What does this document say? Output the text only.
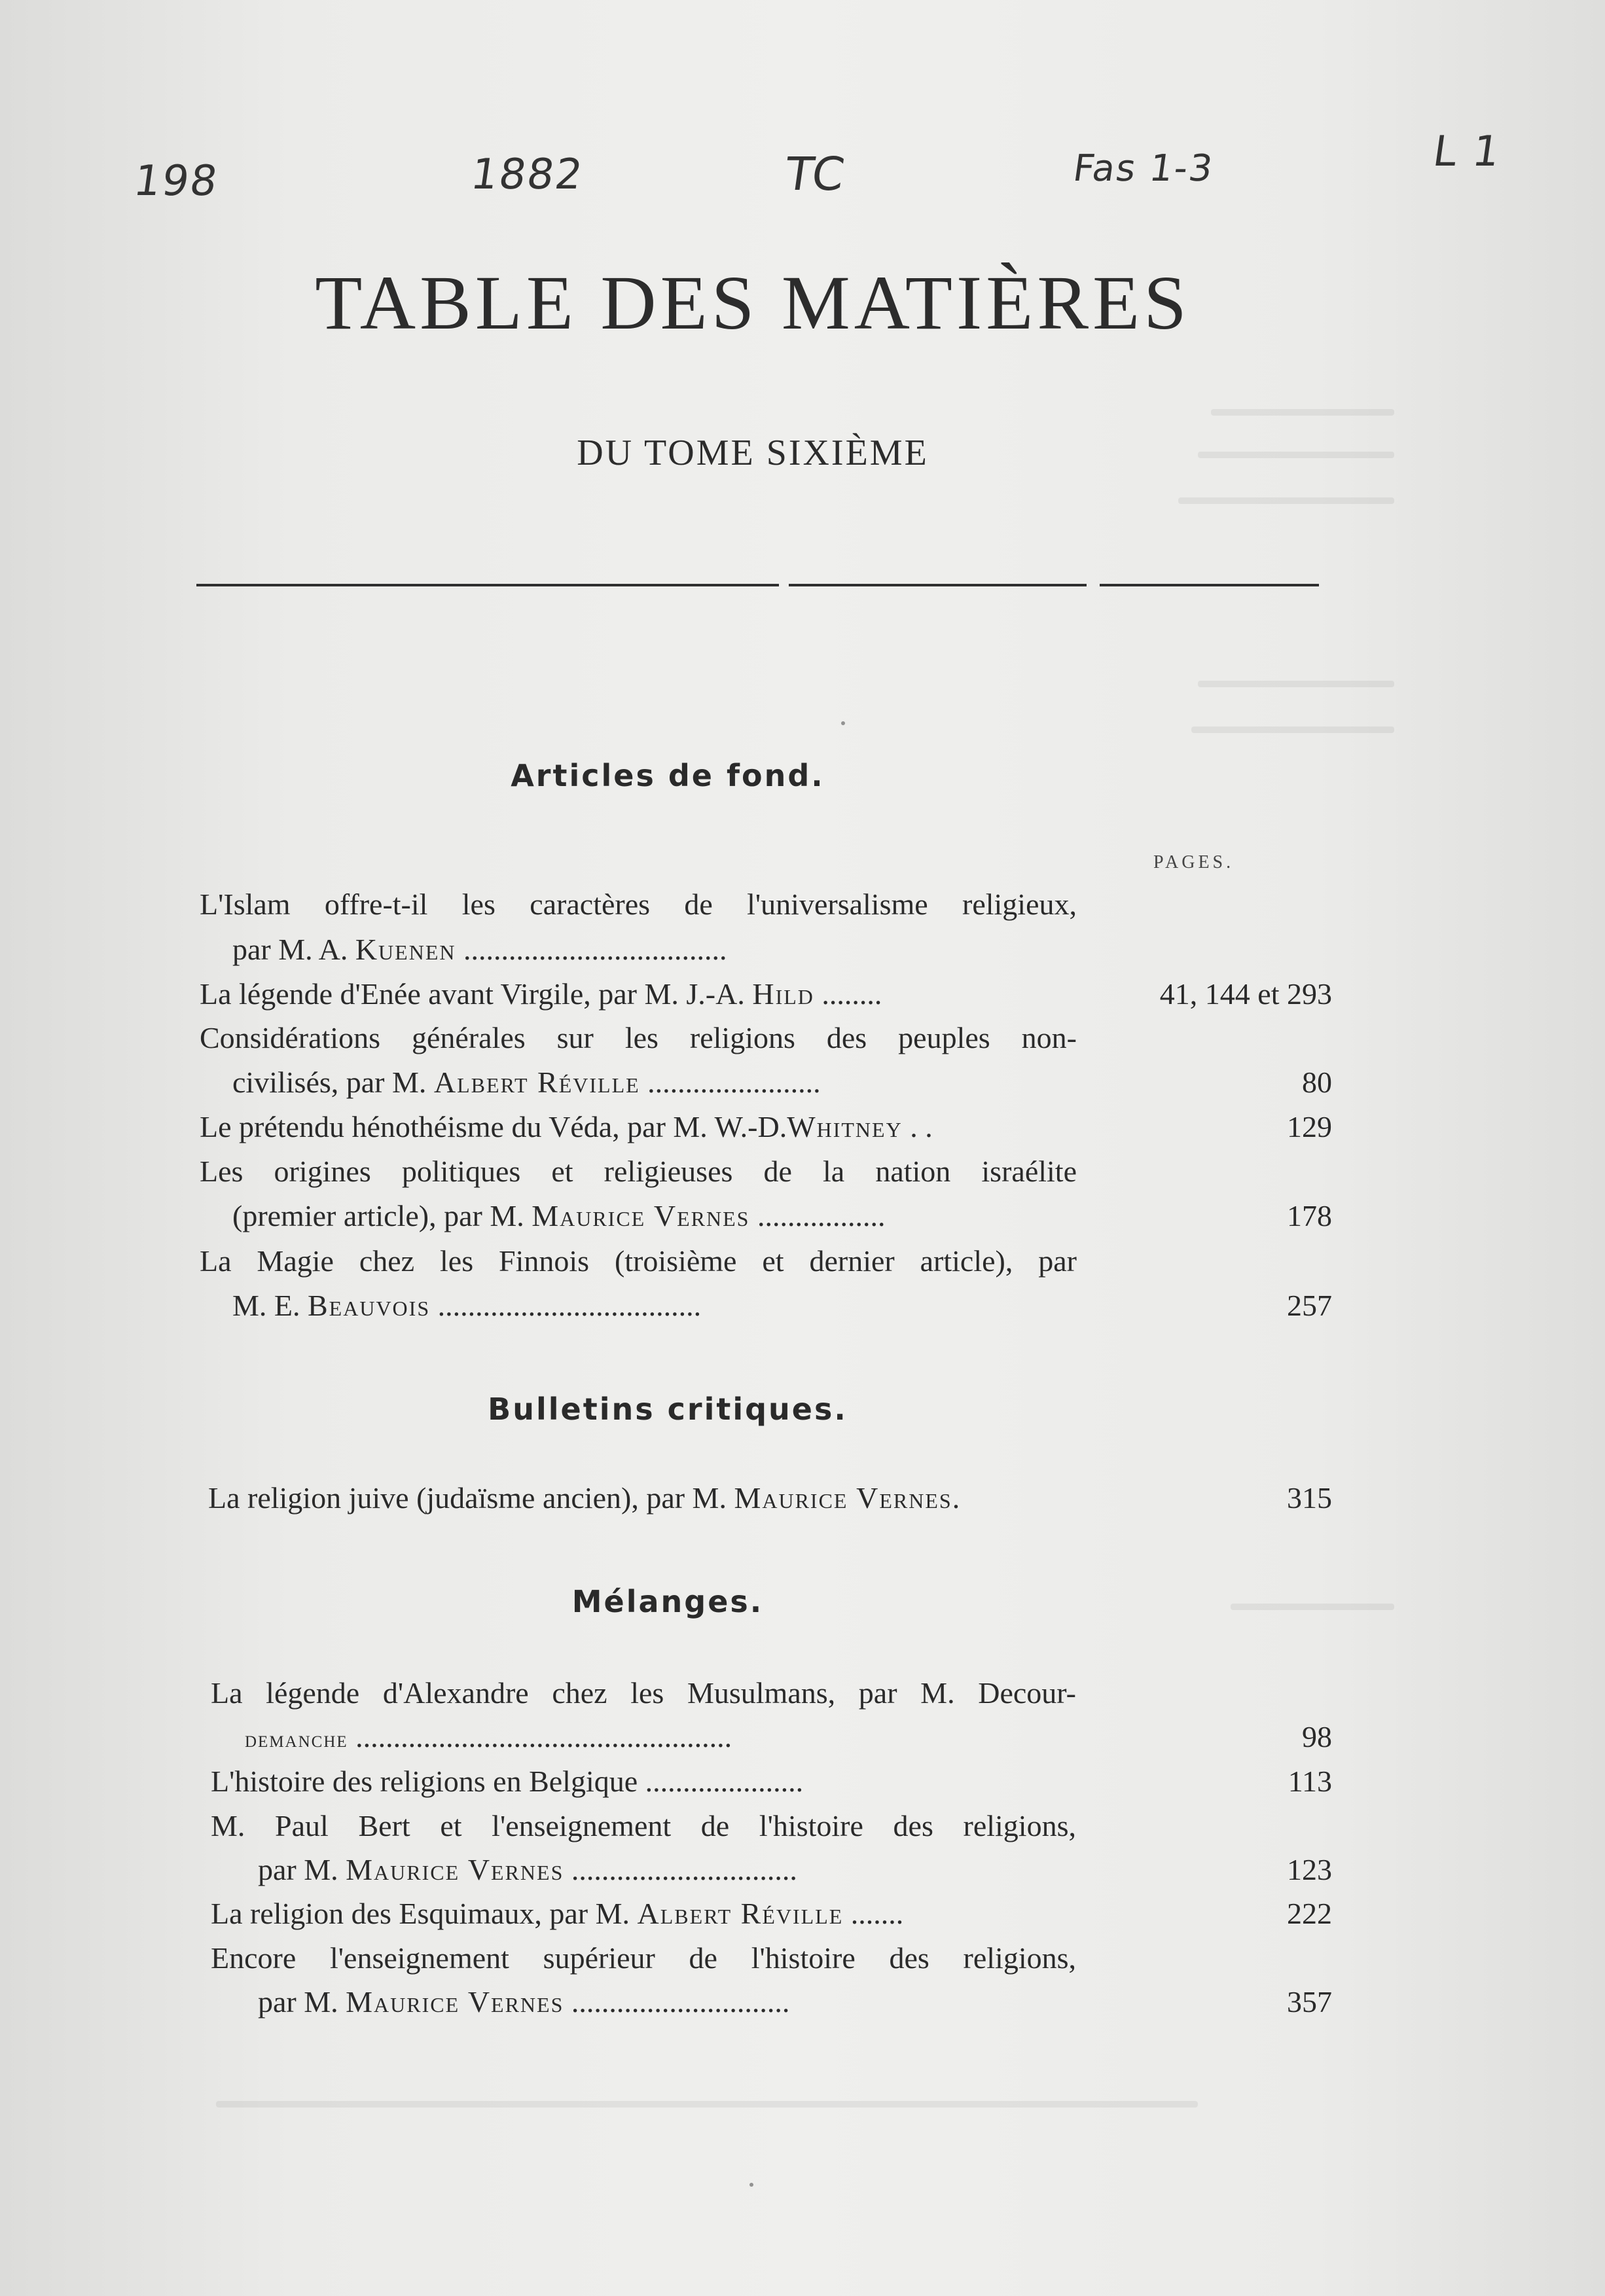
198	1882	TC	Fas 1-3	L 1
TABLE DES MATIÈRES
DU TOME SIXIÈME
Articles de fond.
PAGES.
L'Islam offre-t-il les caractères de l'universalisme religieux,
par M. A. Kuenen ...................................
La légende d'Enée avant Virgile, par M. J.-A. Hild ........	41, 144 et 293
Considérations générales sur les religions des peuples non-
civilisés, par M. Albert Réville .......................	80
Le prétendu hénothéisme du Véda, par M. W.-D.Whitney . .	129
Les origines politiques et religieuses de la nation israélite
(premier article), par M. Maurice Vernes .................	178
La Magie chez les Finnois (troisième et dernier article), par
M. E. Beauvois ...................................	257
Bulletins critiques.
La religion juive (judaïsme ancien), par M. Maurice Vernes.	315
Mélanges.
La légende d'Alexandre chez les Musulmans, par M. Decour-
demanche ..................................................	98
L'histoire des religions en Belgique .....................	113
M. Paul Bert et l'enseignement de l'histoire des religions,
par M. Maurice Vernes ..............................	123
La religion des Esquimaux, par M. Albert Réville .......	222
Encore l'enseignement supérieur de l'histoire des religions,
par M. Maurice Vernes .............................	357
